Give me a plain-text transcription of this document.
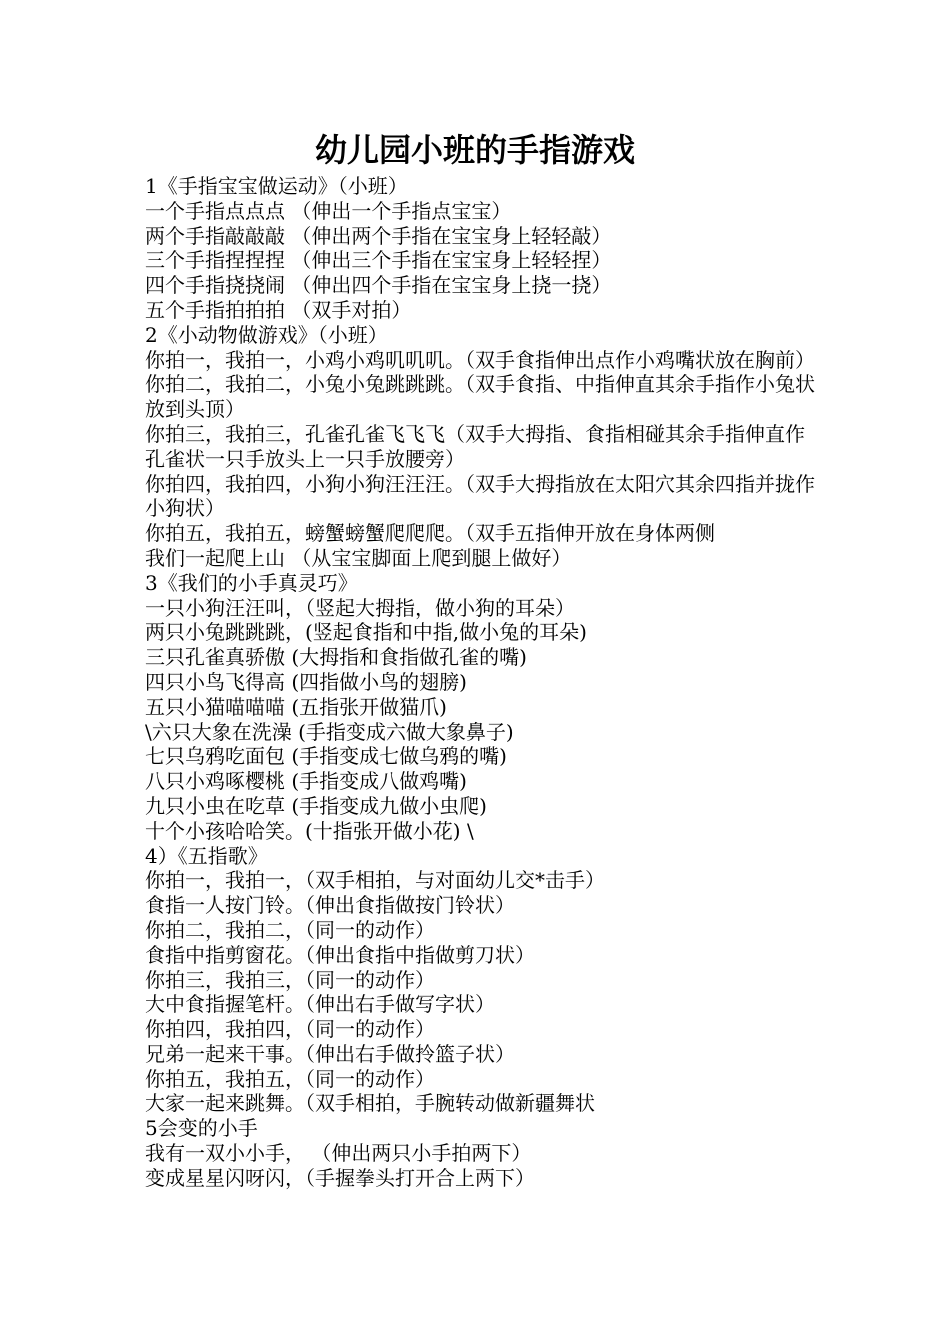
幼儿园小班的手指游戏
1《手指宝宝做运动》（小班）
一个手指点点点 （伸出一个手指点宝宝）
两个手指敲敲敲 （伸出两个手指在宝宝身上轻轻敲）
三个手指捏捏捏 （伸出三个手指在宝宝身上轻轻捏）
四个手指挠挠闹 （伸出四个手指在宝宝身上挠一挠）
五个手指拍拍拍 （双手对拍）
2《小动物做游戏》（小班）
你拍一，我拍一，小鸡小鸡叽叽叽。（双手食指伸出点作小鸡嘴状放在胸前）
你拍二，我拍二，小兔小兔跳跳跳。（双手食指、中指伸直其余手指作小兔状放到头顶）
你拍三，我拍三，孔雀孔雀飞飞飞（双手大拇指、食指相碰其余手指伸直作孔雀状一只手放头上一只手放腰旁）
你拍四，我拍四，小狗小狗汪汪汪。（双手大拇指放在太阳穴其余四指并拢作小狗状）
你拍五，我拍五，螃蟹螃蟹爬爬爬。（双手五指伸开放在身体两侧
我们一起爬上山 （从宝宝脚面上爬到腿上做好）
3《我们的小手真灵巧》
一只小狗汪汪叫，（竖起大拇指，做小狗的耳朵）
两只小兔跳跳跳，(竖起食指和中指,做小兔的耳朵)
三只孔雀真骄傲 (大拇指和食指做孔雀的嘴)
四只小鸟飞得高 (四指做小鸟的翅膀)
五只小猫喵喵喵 (五指张开做猫爪)
\六只大象在洗澡 (手指变成六做大象鼻子)
七只乌鸦吃面包 (手指变成七做乌鸦的嘴)
八只小鸡啄樱桃 (手指变成八做鸡嘴)
九只小虫在吃草 (手指变成九做小虫爬)
十个小孩哈哈笑。(十指张开做小花) \
4）《五指歌》
你拍一，我拍一，（双手相拍，与对面幼儿交*击手）
食指一人按门铃。（伸出食指做按门铃状）
你拍二，我拍二，（同一的动作）
食指中指剪窗花。（伸出食指中指做剪刀状）
你拍三，我拍三，（同一的动作）
大中食指握笔杆。（伸出右手做写字状）
你拍四，我拍四，（同一的动作）
兄弟一起来干事。（伸出右手做拎篮子状）
你拍五，我拍五，（同一的动作）
大家一起来跳舞。（双手相拍，手腕转动做新疆舞状
5会变的小手
我有一双小小手， （伸出两只小手拍两下）
变成星星闪呀闪，（手握拳头打开合上两下）
